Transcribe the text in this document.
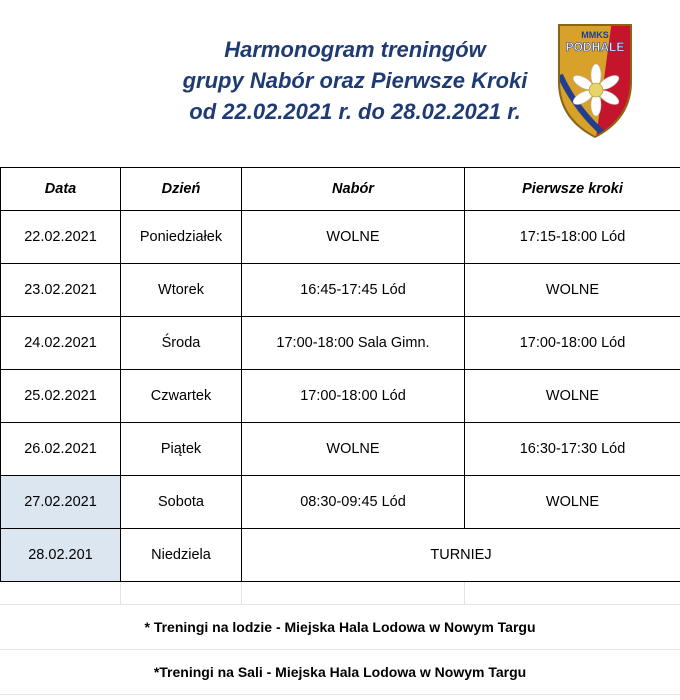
Harmonogram treningów
grupy Nabór oraz Pierwsze Kroki
od 22.02.2021 r. do 28.02.2021 r.
MMKS
PODHALE
Data	Dzień	Nabór	Pierwsze kroki
22.02.2021	Poniedziałek	WOLNE	17:15-18:00 Lód
23.02.2021	Wtorek	16:45-17:45 Lód	WOLNE
24.02.2021	Środa	17:00-18:00 Sala Gimn.	17:00-18:00 Lód
25.02.2021	Czwartek	17:00-18:00 Lód	WOLNE
26.02.2021	Piątek	WOLNE	16:30-17:30 Lód
27.02.2021	Sobota	08:30-09:45 Lód	WOLNE
28.02.201	Niedziela	TURNIEJ	
* Treningi na lodzie - Miejska Hala Lodowa w Nowym Targu
*Treningi na Sali - Miejska Hala Lodowa w Nowym Targu
